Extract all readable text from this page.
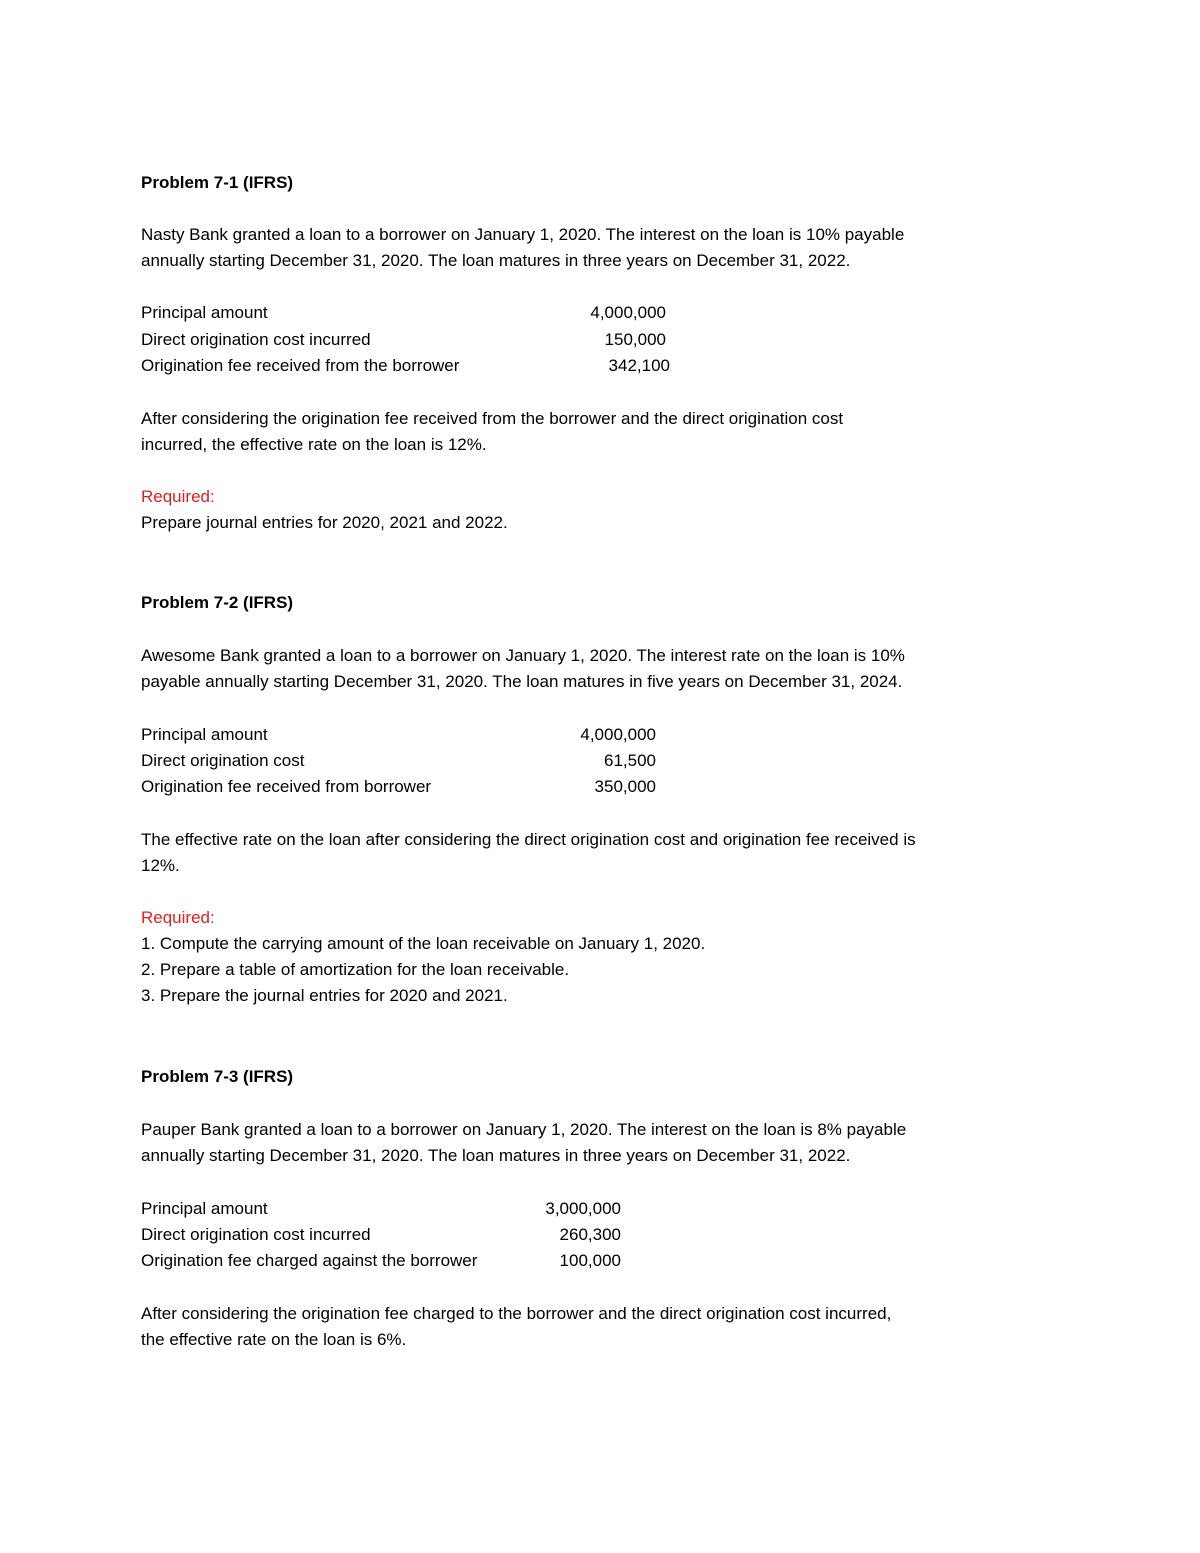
Problem 7-1 (IFRS)
Nasty Bank granted a loan to a borrower on January 1, 2020. The interest on the loan is 10% payable
annually starting December 31, 2020. The loan matures in three years on December 31, 2022.
Principal amount	4,000,000
Direct origination cost incurred	150,000
Origination fee received from the borrower	342,100
After considering the origination fee received from the borrower and the direct origination cost
incurred, the effective rate on the loan is 12%.
Required:
Prepare journal entries for 2020, 2021 and 2022.
Problem 7-2 (IFRS)
Awesome Bank granted a loan to a borrower on January 1, 2020. The interest rate on the loan is 10%
payable annually starting December 31, 2020. The loan matures in five years on December 31, 2024.
Principal amount	4,000,000
Direct origination cost	61,500
Origination fee received from borrower	350,000
The effective rate on the loan after considering the direct origination cost and origination fee received is
12%.
Required:
1. Compute the carrying amount of the loan receivable on January 1, 2020.
2. Prepare a table of amortization for the loan receivable.
3. Prepare the journal entries for 2020 and 2021.
Problem 7-3 (IFRS)
Pauper Bank granted a loan to a borrower on January 1, 2020. The interest on the loan is 8% payable
annually starting December 31, 2020. The loan matures in three years on December 31, 2022.
Principal amount	3,000,000
Direct origination cost incurred	260,300
Origination fee charged against the borrower	100,000
After considering the origination fee charged to the borrower and the direct origination cost incurred,
the effective rate on the loan is 6%.
